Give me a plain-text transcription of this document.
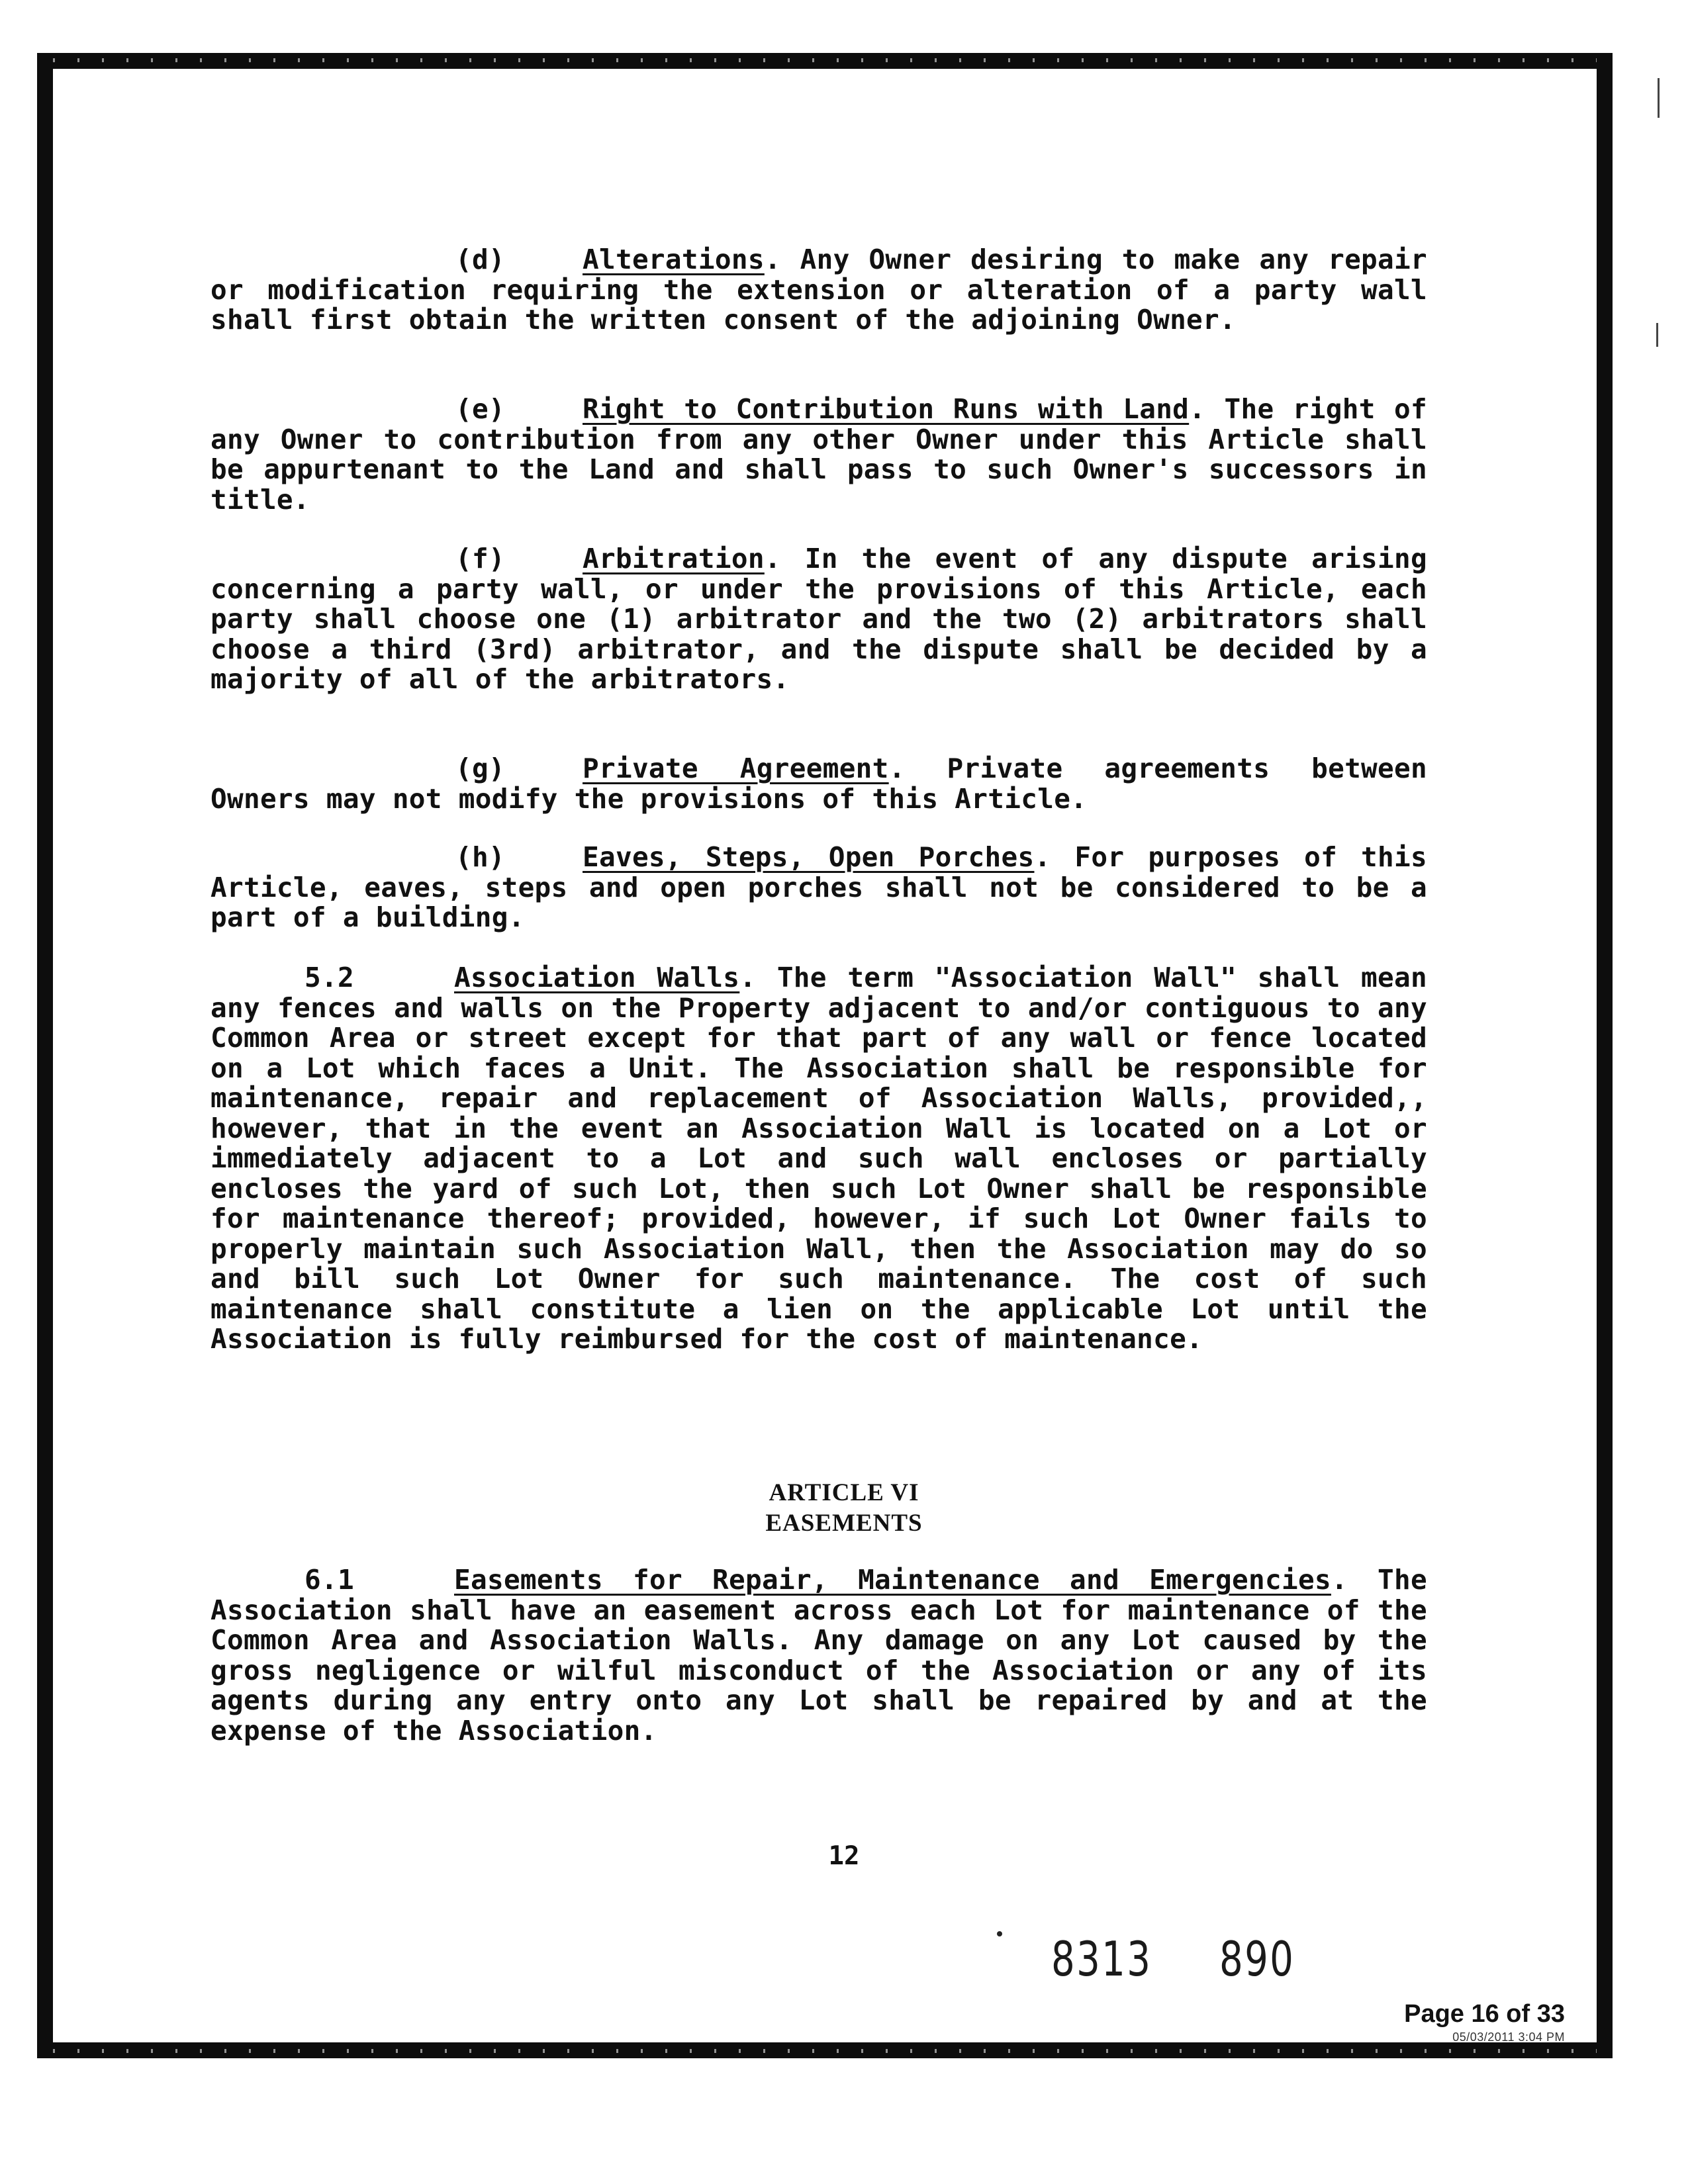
(d)	Alterations. Any Owner desiring to make any repair or modification requiring the extension or alteration of a party wall shall first obtain the written consent of the adjoining Owner.
(e)	Right to Contribution Runs with Land. The right of any Owner to contribution from any other Owner under this Article shall be appurtenant to the Land and shall pass to such Owner's successors in title.
(f)	Arbitration. In the event of any dispute arising concerning a party wall, or under the provisions of this Article, each party shall choose one (1) arbitrator and the two (2) arbitrators shall choose a third (3rd) arbitrator, and the dispute shall be decided by a majority of all of the arbitrators.
(g)	Private Agreement. Private agreements between Owners may not modify the provisions of this Article.
(h)	Eaves, Steps, Open Porches. For purposes of this Article, eaves, steps and open porches shall not be considered to be a part of a building.
5.2	Association Walls. The term "Association Wall" shall mean any fences and walls on the Property adjacent to and/or contiguous to any Common Area or street except for that part of any wall or fence located on a Lot which faces a Unit. The Association shall be responsible for maintenance, repair and replacement of Association Walls, provided,, however, that in the event an Association Wall is located on a Lot or immediately adjacent to a Lot and such wall encloses or partially encloses the yard of such Lot, then such Lot Owner shall be responsible for maintenance thereof; provided, however, if such Lot Owner fails to properly maintain such Association Wall, then the Association may do so and bill such Lot Owner for such maintenance. The cost of such maintenance shall constitute a lien on the applicable Lot until the Association is fully reimbursed for the cost of maintenance.
ARTICLE VI
EASEMENTS
6.1	Easements for Repair, Maintenance and Emergencies. The Association shall have an easement across each Lot for maintenance of the Common Area and Association Walls. Any damage on any Lot caused by the gross negligence or wilful misconduct of the Association or any of its agents during any entry onto any Lot shall be repaired by and at the expense of the Association.
12
8313 890
Page 16 of 33
05/03/2011 3:04 PM
